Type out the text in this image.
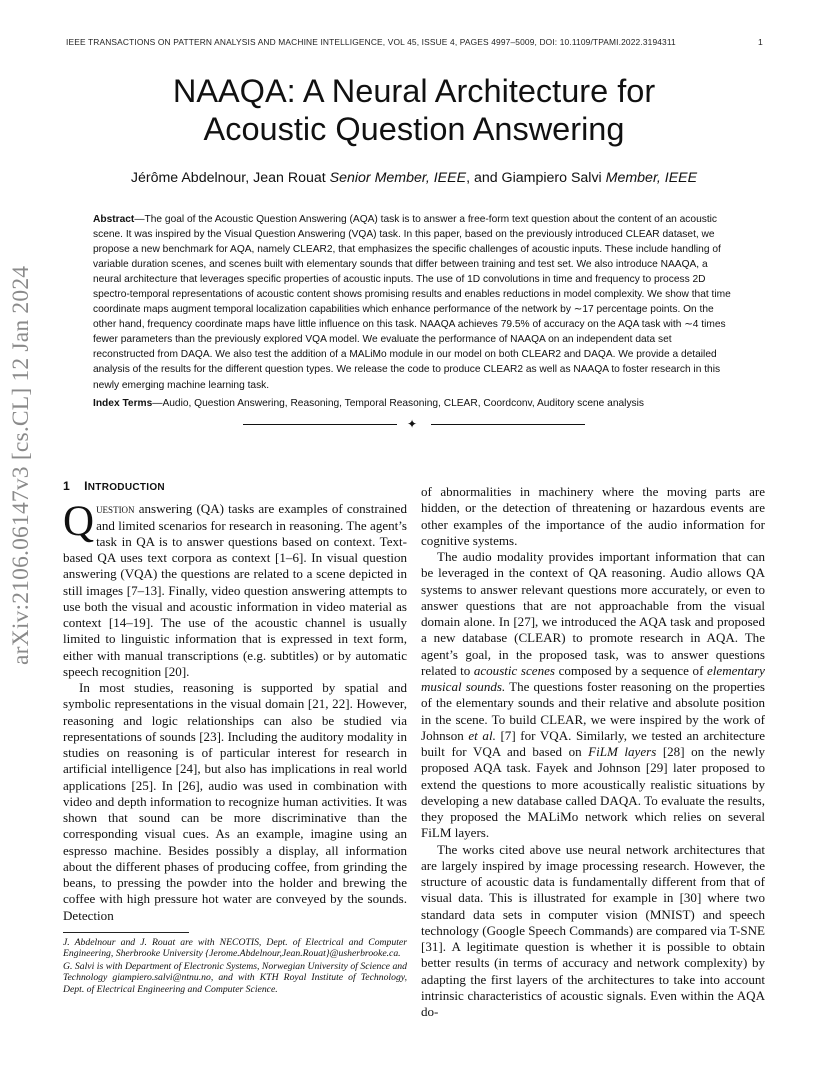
IEEE TRANSACTIONS ON PATTERN ANALYSIS AND MACHINE INTELLIGENCE, VOL 45, ISSUE 4, PAGES 4997–5009, DOI: 10.1109/TPAMI.2022.3194311	1
NAAQA: A Neural Architecture for
Acoustic Question Answering
Jérôme Abdelnour, Jean Rouat Senior Member, IEEE, and Giampiero Salvi Member, IEEE

Abstract—The goal of the Acoustic Question Answering (AQA) task is to answer a free-form text question about the content of an acoustic scene. It was inspired by the Visual Question Answering (VQA) task. In this paper, based on the previously introduced CLEAR dataset, we propose a new benchmark for AQA, namely CLEAR2, that emphasizes the specific challenges of acoustic inputs. These include handling of variable duration scenes, and scenes built with elementary sounds that differ between training and test set. We also introduce NAAQA, a neural architecture that leverages specific properties of acoustic inputs. The use of 1D convolutions in time and frequency to process 2D spectro-temporal representations of acoustic content shows promising results and enables reductions in model complexity. We show that time coordinate maps augment temporal localization capabilities which enhance performance of the network by ∼17 percentage points. On the other hand, frequency coordinate maps have little influence on this task. NAAQA achieves 79.5% of accuracy on the AQA task with ∼4 times fewer parameters than the previously explored VQA model. We evaluate the performance of NAAQA on an independent data set reconstructed from DAQA. We also test the addition of a MALiMo module in our model on both CLEAR2 and DAQA. We provide a detailed analysis of the results for the different question types. We release the code to produce CLEAR2 as well as NAAQA to foster research in this newly emerging machine learning task.

Index Terms—Audio, Question Answering, Reasoning, Temporal Reasoning, CLEAR, Coordconv, Auditory scene analysis

✦
arXiv:2106.06147v3 [cs.CL] 12 Jan 2024 1 INTRODUCTION

Question answering (QA) tasks are examples of constrained and limited scenarios for research in reasoning. The agent’s task in QA is to answer questions based on context. Text-based QA uses text corpora as context [1–6]. In visual question answering (VQA) the questions are related to a scene depicted in still images [7–13]. Finally, video question answering attempts to use both the visual and acoustic information in video material as context [14–19]. The use of the acoustic channel is usually limited to linguistic information that is expressed in text form, either with manual transcriptions (e.g. subtitles) or by automatic speech recognition [20].

In most studies, reasoning is supported by spatial and symbolic representations in the visual domain [21, 22]. However, reasoning and logic relationships can also be studied via representations of sounds [23]. Including the auditory modality in studies on reasoning is of particular interest for research in artificial intelligence [24], but also has implications in real world applications [25]. In [26], audio was used in combination with video and depth information to recognize human activities. It was shown that sound can be more discriminative than the corresponding visual cues. As an example, imagine using an espresso machine. Besides possibly a display, all information about the different phases of producing coffee, from grinding the beans, to pressing the powder into the holder and brewing the coffee with high pressure hot water are conveyed by the sounds. Detection

J. Abdelnour and J. Rouat are with NECOTIS, Dept. of Electrical and Computer Engineering, Sherbrooke University {Jerome.Abdelnour,Jean.Rouat}@usherbrooke.ca.

G. Salvi is with Department of Electronic Systems, Norwegian University of Science and Technology giampiero.salvi@ntnu.no, and with KTH Royal Institute of Technology, Dept. of Electrical Engineering and Computer Science.

of abnormalities in machinery where the moving parts are hidden, or the detection of threatening or hazardous events are other examples of the importance of the audio information for cognitive systems.

The audio modality provides important information that can be leveraged in the context of QA reasoning. Audio allows QA systems to answer relevant questions more accurately, or even to answer questions that are not approachable from the visual domain alone. In [27], we introduced the AQA task and proposed a new database (CLEAR) to promote research in AQA. The agent’s goal, in the proposed task, was to answer questions related to acoustic scenes composed by a sequence of elementary musical sounds. The questions foster reasoning on the properties of the elementary sounds and their relative and absolute position in the scene. To build CLEAR, we were inspired by the work of Johnson et al. [7] for VQA. Similarly, we tested an architecture built for VQA and based on FiLM layers [28] on the newly proposed AQA task. Fayek and Johnson [29] later proposed to extend the questions to more acoustically realistic situations by developing a new database called DAQA. To evaluate the results, they proposed the MALiMo network which relies on several FiLM layers.

The works cited above use neural network architectures that are largely inspired by image processing research. However, the structure of acoustic data is fundamentally different from that of visual data. This is illustrated for example in [30] where two standard data sets in computer vision (MNIST) and speech technology (Google Speech Commands) are compared via T-SNE [31]. A legitimate question is whether it is possible to obtain better results (in terms of accuracy and network complexity) by adapting the first layers of the architectures to take into account intrinsic characteristics of acoustic signals. Even within the AQA do-
